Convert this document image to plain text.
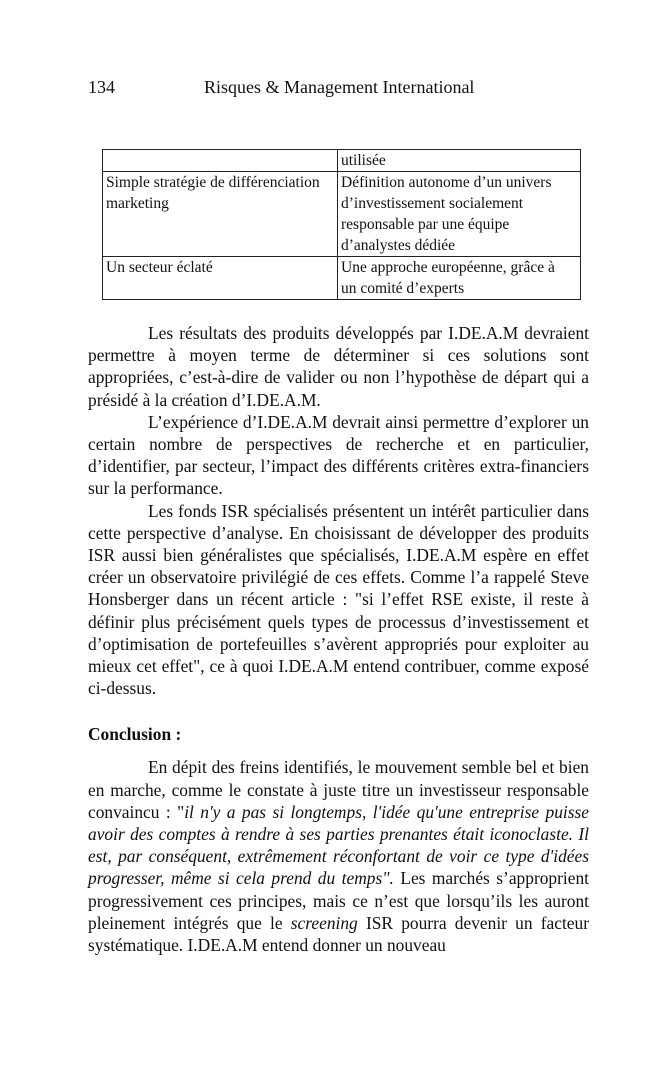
134	Risques & Management International
	utilisée
Simple stratégie de différenciation marketing	Définition autonome d’un univers d’investissement socialement responsable par une équipe d’analystes dédiée
Un secteur éclaté	Une approche européenne, grâce à un comité d’experts

Les résultats des produits développés par I.DE.A.M devraient permettre à moyen terme de déterminer si ces solutions sont appropriées, c’est-à-dire de valider ou non l’hypothèse de départ qui a présidé à la création d’I.DE.A.M.

L’expérience d’I.DE.A.M devrait ainsi permettre d’explorer un certain nombre de perspectives de recherche et en particulier, d’identifier, par secteur, l’impact des différents critères extra-financiers sur la performance.

Les fonds ISR spécialisés présentent un intérêt particulier dans cette perspective d’analyse. En choisissant de développer des produits ISR aussi bien généralistes que spécialisés, I.DE.A.M espère en effet créer un observatoire privilégié de ces effets. Comme l’a rappelé Steve Honsberger dans un récent article : "si l’effet RSE existe, il reste à définir plus précisément quels types de processus d’investissement et d’optimisation de portefeuilles s’avèrent appropriés pour exploiter au mieux cet effet", ce à quoi I.DE.A.M entend contribuer, comme exposé ci-dessus.

Conclusion :

En dépit des freins identifiés, le mouvement semble bel et bien en marche, comme le constate à juste titre un investisseur responsable convaincu : "il n'y a pas si longtemps, l'idée qu'une entreprise puisse avoir des comptes à rendre à ses parties prenantes était iconoclaste. Il est, par conséquent, extrêmement réconfortant de voir ce type d'idées progresser, même si cela prend du temps". Les marchés s’approprient progressivement ces principes, mais ce n’est que lorsqu’ils les auront pleinement intégrés que le screening ISR pourra devenir un facteur systématique. I.DE.A.M entend donner un nouveau
